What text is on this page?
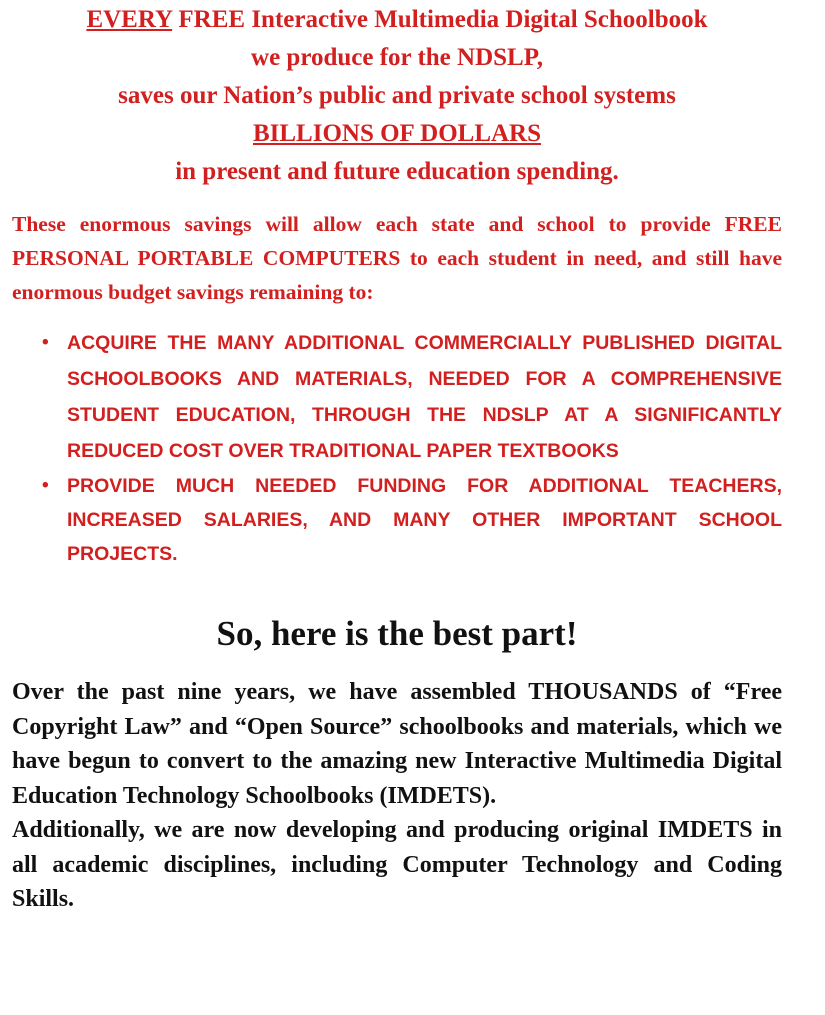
EVERY FREE Interactive Multimedia Digital Schoolbook
we produce for the NDSLP,
saves our Nation’s public and private school systems
BILLIONS OF DOLLARS
in present and future education spending.

These enormous savings will allow each state and school to provide FREE PERSONAL PORTABLE COMPUTERS to each student in need, and still have enormous budget savings remaining to:

• ACQUIRE THE MANY ADDITIONAL COMMERCIALLY PUBLISHED DIGITAL SCHOOLBOOKS AND MATERIALS, NEEDED FOR A COMPREHENSIVE STUDENT EDUCATION, THROUGH THE NDSLP AT A SIGNIFICANTLY REDUCED COST OVER TRADITIONAL PAPER TEXTBOOKS
• PROVIDE MUCH NEEDED FUNDING FOR ADDITIONAL TEACHERS, INCREASED SALARIES, AND MANY OTHER IMPORTANT SCHOOL PROJECTS.
So, here is the best part!

Over the past nine years, we have assembled THOUSANDS of “Free Copyright Law” and “Open Source” schoolbooks and materials, which we have begun to convert to the amazing new Interactive Multimedia Digital Education Technology Schoolbooks (IMDETS).

Additionally, we are now developing and producing original IMDETS in all academic disciplines, including Computer Technology and Coding Skills.
